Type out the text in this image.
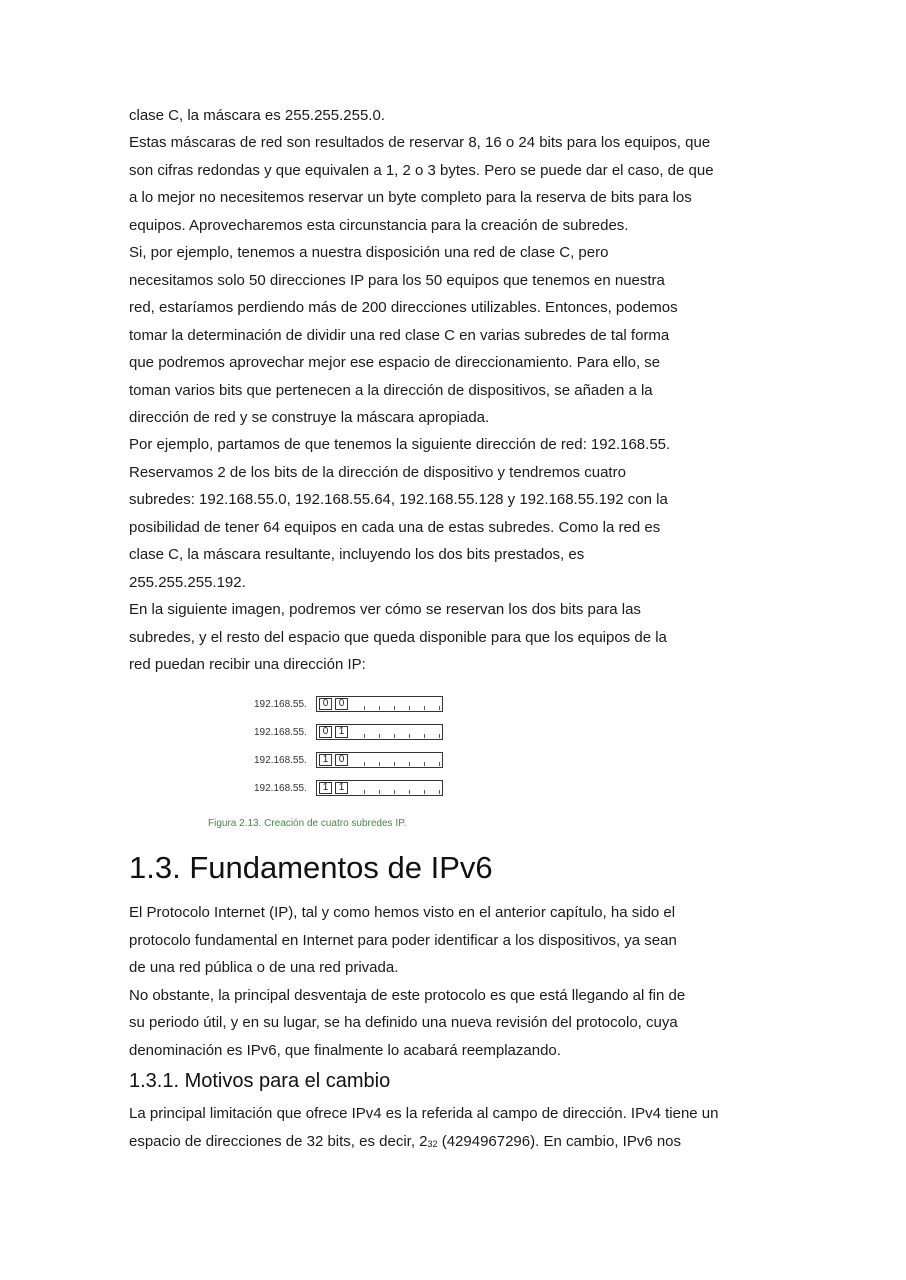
clase C, la máscara es 255.255.255.0.
Estas máscaras de red son resultados de reservar 8, 16 o 24 bits para los equipos, que
son cifras redondas y que equivalen a 1, 2 o 3 bytes. Pero se puede dar el caso, de que
a lo mejor no necesitemos reservar un byte completo para la reserva de bits para los
equipos. Aprovecharemos esta circunstancia para la creación de subredes.
Si, por ejemplo, tenemos a nuestra disposición una red de clase C, pero
necesitamos solo 50 direcciones IP para los 50 equipos que tenemos en nuestra
red, estaríamos perdiendo más de 200 direcciones utilizables. Entonces, podemos
tomar la determinación de dividir una red clase C en varias subredes de tal forma
que podremos aprovechar mejor ese espacio de direccionamiento. Para ello, se
toman varios bits que pertenecen a la dirección de dispositivos, se añaden a la
dirección de red y se construye la máscara apropiada.
Por ejemplo, partamos de que tenemos la siguiente dirección de red: 192.168.55.
Reservamos 2 de los bits de la dirección de dispositivo y tendremos cuatro
subredes: 192.168.55.0, 192.168.55.64, 192.168.55.128 y 192.168.55.192 con la
posibilidad de tener 64 equipos en cada una de estas subredes. Como la red es
clase C, la máscara resultante, incluyendo los dos bits prestados, es
255.255.255.192.
En la siguiente imagen, podremos ver cómo se reservan los dos bits para las
subredes, y el resto del espacio que queda disponible para que los equipos de la
red puedan recibir una dirección IP:
192.168.55.	0	0
192.168.55.	0	1
192.168.55.	1	0
192.168.55.	1	1
Figura 2.13. Creación de cuatro subredes IP.
1.3. Fundamentos de IPv6
El Protocolo Internet (IP), tal y como hemos visto en el anterior capítulo, ha sido el
protocolo fundamental en Internet para poder identificar a los dispositivos, ya sean
de una red pública o de una red privada.
No obstante, la principal desventaja de este protocolo es que está llegando al fin de
su periodo útil, y en su lugar, se ha definido una nueva revisión del protocolo, cuya
denominación es IPv6, que finalmente lo acabará reemplazando.
1.3.1. Motivos para el cambio
La principal limitación que ofrece IPv4 es la referida al campo de dirección. IPv4 tiene un
espacio de direcciones de 32 bits, es decir, $2_{32}$ (4294967296). En cambio, IPv6 nos
